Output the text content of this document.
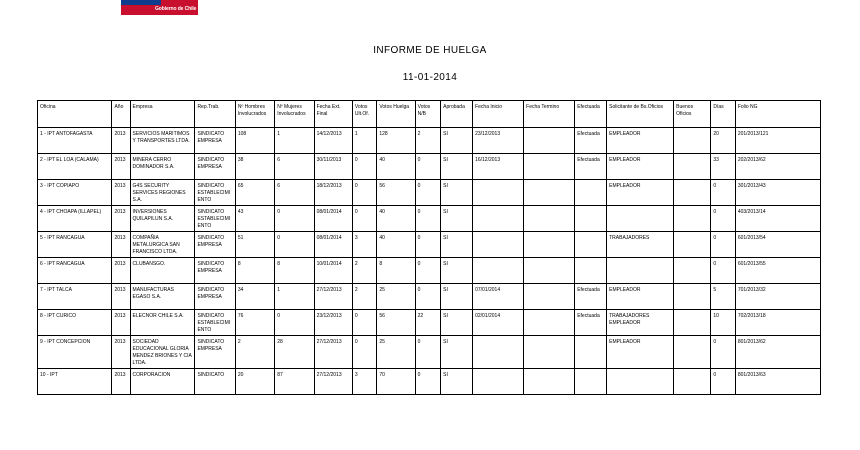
Gobierno de Chile
INFORME DE HUELGA
11-01-2014
Oficina	Año	Empresa	Rep.Trab.	Nº Hombres Involucrados	Nº Mujeres Involucrados	Fecha Ext. Final	Votos Ult.Of.	Votos Huelga	Votos N/B	Aprobada	Fecha Inicio	Fecha Termino	Efectuada	Solicitante de Bs.Oficios	Buenos Oficios	Días	Folio NG
1 - IPT ANTOFAGASTA	2013	SERVICIOS MARITIMOS Y TRANSPORTES LTDA.	SINDICATO EMPRESA	108	1	14/12/2013	1	128	2	SI	23/12/2013		Efectuada	EMPLEADOR		20	201/2013/121
2 - IPT EL LOA (CALAMA)	2013	MINERA CERRO DOMINADOR S.A.	SINDICATO EMPRESA	38	6	30/11/2013	0	40	0	SI	16/12/2013		Efectuada	EMPLEADOR		33	202/2013/62
3 - IPT COPIAPO	2013	G4S SECURITY SERVICES REGIONES S.A.	SINDICATO ESTABLECIMIENTO	65	6	18/12/2013	0	56	0	SI				EMPLEADOR		0	301/2013/43
4 - IPT CHOAPA (ILLAPEL)	2013	INVERSIONES QUILAPILUN S.A.	SINDICATO ESTABLECIMIENTO	43	0	08/01/2014	0	40	0	SI						0	403/2013/14
5 - IPT RANCAGUA	2013	COMPAÑIA METALURGICA SAN FRANCISCO LTDA.	SINDICATO EMPRESA	51	0	08/01/2014	3	40	0	SI				TRABAJADORES		0	601/2013/54
6 - IPT RANCAGUA	2013	CLUBANSGO.	SINDICATO EMPRESA	8	8	10/01/2014	2	8	0	SI						0	601/2013/55
7 - IPT TALCA	2013	MANUFACTURAS EGASO S.A.	SINDICATO EMPRESA	34	1	27/12/2013	2	25	0	SI	07/01/2014		Efectuada	EMPLEADOR		5	701/2013/32
8 - IPT CURICO	2013	ELECNOR CHILE S.A.	SINDICATO ESTABLECIMIENTO	76	0	23/12/2013	0	56	22	SI	02/01/2014		Efectuada	TRABAJADORES EMPLEADOR		10	702/2013/18
9 - IPT CONCEPCION	2013	SOCIEDAD EDUCACIONAL GLORIA MENDEZ BRIONES Y CIA LTDA.	SINDICATO EMPRESA	2	28	27/12/2013	0	25	0	SI				EMPLEADOR		0	801/2013/62
10 - IPT	2013	CORPORACION	SINDICATO	20	87	27/12/2013	3	70	0	SI						0	801/2013/63
